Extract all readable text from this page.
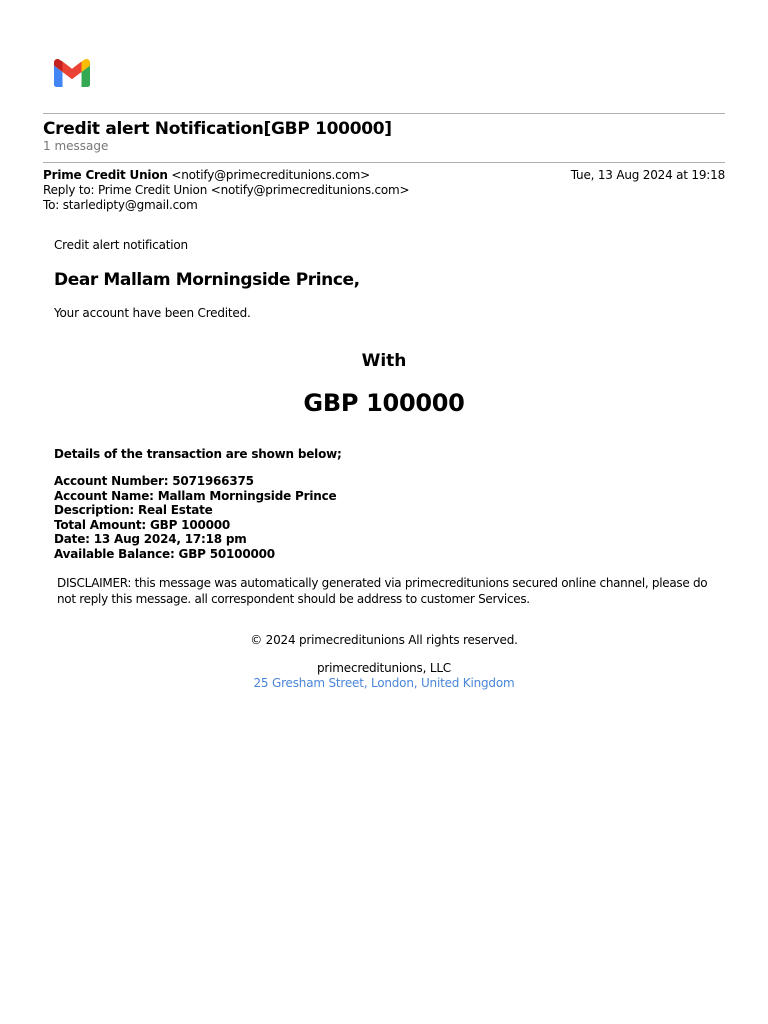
Credit alert Notification[GBP 100000]
1 message
Prime Credit Union <notify@primecreditunions.com>
Reply to: Prime Credit Union <notify@primecreditunions.com>
To: starledipty@gmail.com
Tue, 13 Aug 2024 at 19:18
Credit alert notification
Dear Mallam Morningside Prince,
Your account have been Credited.
With
GBP 100000
Details of the transaction are shown below;
Account Number: 5071966375
Account Name: Mallam Morningside Prince
Description: Real Estate
Total Amount: GBP 100000
Date: 13 Aug 2024, 17:18 pm
Available Balance: GBP 50100000
DISCLAIMER: this message was automatically generated via primecreditunions secured online channel, please do not reply this message. all correspondent should be address to customer Services.
© 2024 primecreditunions All rights reserved.
primecreditunions, LLC
25 Gresham Street, London, United Kingdom
